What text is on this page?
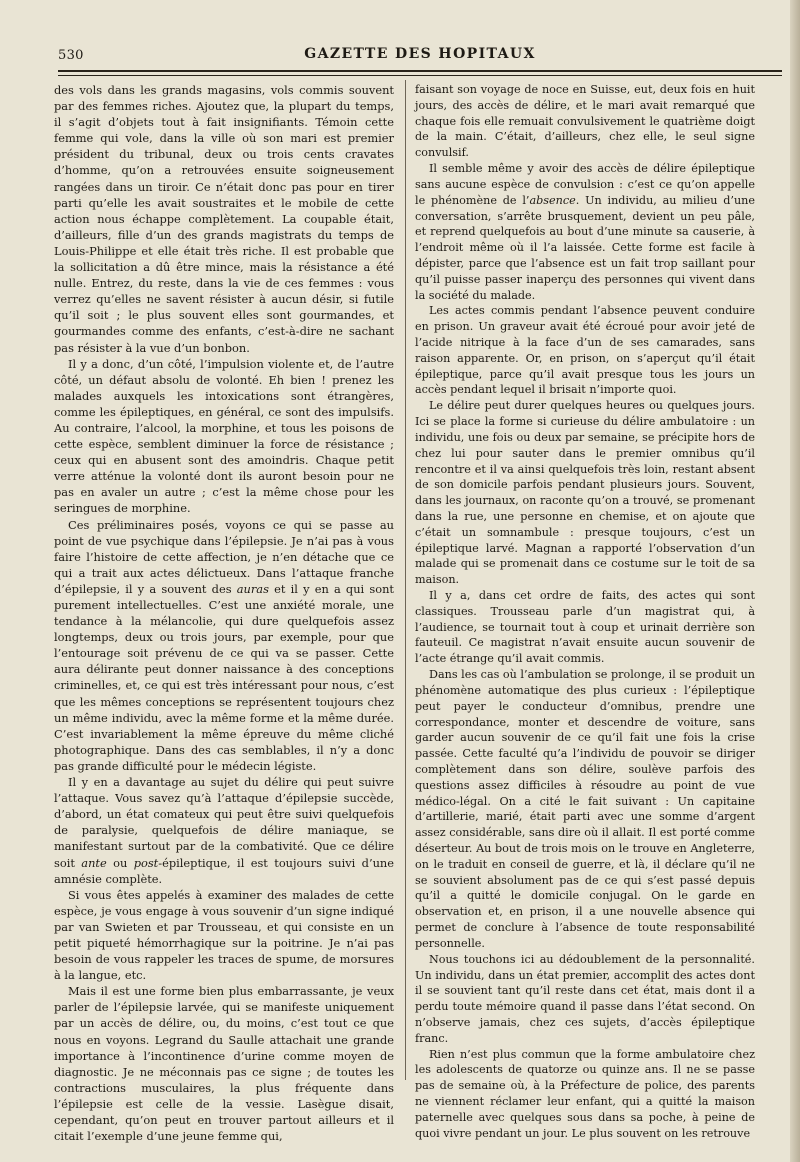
530	GAZETTE DES HOPITAUX

des vols dans les grands magasins, vols commis souvent par des femmes riches. Ajoutez que, la plupart du temps, il s’agit d’objets tout à fait insignifiants. Témoin cette femme qui vole, dans la ville où son mari est premier président du tribunal, deux ou trois cents cravates d’homme, qu’on a retrouvées ensuite soigneusement rangées dans un tiroir. Ce n’était donc pas pour en tirer parti qu’elle les avait soustraites et le mobile de cette action nous échappe complètement. La coupable était, d’ailleurs, fille d’un des grands magistrats du temps de Louis-Philippe et elle était très riche. Il est probable que la sollicitation a dû être mince, mais la résistance a été nulle. Entrez, du reste, dans la vie de ces femmes : vous verrez qu’elles ne savent résister à aucun désir, si futile qu’il soit ; le plus souvent elles sont gourmandes, et gourmandes comme des enfants, c’est-à-dire ne sachant pas résister à la vue d’un bonbon.

Il y a donc, d’un côté, l’impulsion violente et, de l’autre côté, un défaut absolu de volonté. Eh bien ! prenez les malades auxquels les intoxications sont étrangères, comme les épileptiques, en général, ce sont des impulsifs. Au contraire, l’alcool, la morphine, et tous les poisons de cette espèce, semblent diminuer la force de résistance ; ceux qui en abusent sont des amoindris. Chaque petit verre atténue la volonté dont ils auront besoin pour ne pas en avaler un autre ; c’est la même chose pour les seringues de morphine.

Ces préliminaires posés, voyons ce qui se passe au point de vue psychique dans l’épilepsie. Je n’ai pas à vous faire l’histoire de cette affection, je n’en détache que ce qui a trait aux actes délictueux. Dans l’attaque franche d’épilepsie, il y a souvent des auras et il y en a qui sont purement intellectuelles. C’est une anxiété morale, une tendance à la mélancolie, qui dure quelquefois assez longtemps, deux ou trois jours, par exemple, pour que l’entourage soit prévenu de ce qui va se passer. Cette aura délirante peut donner naissance à des conceptions criminelles, et, ce qui est très intéressant pour nous, c’est que les mêmes conceptions se représentent toujours chez un même individu, avec la même forme et la même durée. C’est invariablement la même épreuve du même cliché photographique. Dans des cas semblables, il n’y a donc pas grande difficulté pour le médecin légiste.

Il y en a davantage au sujet du délire qui peut suivre l’attaque. Vous savez qu’à l’attaque d’épilepsie succède, d’abord, un état comateux qui peut être suivi quelquefois de paralysie, quelquefois de délire maniaque, se manifestant surtout par de la combativité. Que ce délire soit ante ou post-épileptique, il est toujours suivi d’une amnésie complète.

Si vous êtes appelés à examiner des malades de cette espèce, je vous engage à vous souvenir d’un signe indiqué par van Swieten et par Trousseau, et qui consiste en un petit piqueté hémorrhagique sur la poitrine. Je n’ai pas besoin de vous rappeler les traces de spume, de morsures à la langue, etc.

Mais il est une forme bien plus embarrassante, je veux parler de l’épilepsie larvée, qui se manifeste uniquement par un accès de délire, ou, du moins, c’est tout ce que nous en voyons. Legrand du Saulle attachait une grande importance à l’incontinence d’urine comme moyen de diagnostic. Je ne méconnais pas ce signe ; de toutes les contractions musculaires, la plus fréquente dans l’épilepsie est celle de la vessie. Lasègue disait, cependant, qu’on peut en trouver partout ailleurs et il citait l’exemple d’une jeune femme qui,

faisant son voyage de noce en Suisse, eut, deux fois en huit jours, des accès de délire, et le mari avait remarqué que chaque fois elle remuait convulsivement le quatrième doigt de la main. C’était, d’ailleurs, chez elle, le seul signe convulsif.

Il semble même y avoir des accès de délire épileptique sans aucune espèce de convulsion : c’est ce qu’on appelle le phénomène de l’absence. Un individu, au milieu d’une conversation, s’arrête brusquement, devient un peu pâle, et reprend quelquefois au bout d’une minute sa causerie, à l’endroit même où il l’a laissée. Cette forme est facile à dépister, parce que l’absence est un fait trop saillant pour qu’il puisse passer inaperçu des personnes qui vivent dans la société du malade.

Les actes commis pendant l’absence peuvent conduire en prison. Un graveur avait été écroué pour avoir jeté de l’acide nitrique à la face d’un de ses camarades, sans raison apparente. Or, en prison, on s’aperçut qu’il était épileptique, parce qu’il avait presque tous les jours un accès pendant lequel il brisait n’importe quoi.

Le délire peut durer quelques heures ou quelques jours. Ici se place la forme si curieuse du délire ambulatoire : un individu, une fois ou deux par semaine, se précipite hors de chez lui pour sauter dans le premier omnibus qu’il rencontre et il va ainsi quelquefois très loin, restant absent de son domicile parfois pendant plusieurs jours. Souvent, dans les journaux, on raconte qu’on a trouvé, se promenant dans la rue, une personne en chemise, et on ajoute que c’était un somnambule : presque toujours, c’est un épileptique larvé. Magnan a rapporté l’observation d’un malade qui se promenait dans ce costume sur le toit de sa maison.

Il y a, dans cet ordre de faits, des actes qui sont classiques. Trousseau parle d’un magistrat qui, à l’audience, se tournait tout à coup et urinait derrière son fauteuil. Ce magistrat n’avait ensuite aucun souvenir de l’acte étrange qu’il avait commis.

Dans les cas où l’ambulation se prolonge, il se produit un phénomène automatique des plus curieux : l’épileptique peut payer le conducteur d’omnibus, prendre une correspondance, monter et descendre de voiture, sans garder aucun souvenir de ce qu’il fait une fois la crise passée. Cette faculté qu’a l’individu de pouvoir se diriger complètement dans son délire, soulève parfois des questions assez difficiles à résoudre au point de vue médico-légal. On a cité le fait suivant : Un capitaine d’artillerie, marié, était parti avec une somme d’argent assez considérable, sans dire où il allait. Il est porté comme déserteur. Au bout de trois mois on le trouve en Angleterre, on le traduit en conseil de guerre, et là, il déclare qu’il ne se souvient absolument pas de ce qui s’est passé depuis qu’il a quitté le domicile conjugal. On le garde en observation et, en prison, il a une nouvelle absence qui permet de conclure à l’absence de toute responsabilité personnelle.

Nous touchons ici au dédoublement de la personnalité. Un individu, dans un état premier, accomplit des actes dont il se souvient tant qu’il reste dans cet état, mais dont il a perdu toute mémoire quand il passe dans l’état second. On n’observe jamais, chez ces sujets, d’accès épileptique franc.

Rien n’est plus commun que la forme ambulatoire chez les adolescents de quatorze ou quinze ans. Il ne se passe pas de semaine où, à la Préfecture de police, des parents ne viennent réclamer leur enfant, qui a quitté la maison paternelle avec quelques sous dans sa poche, à peine de quoi vivre pendant un jour. Le plus souvent on les retrouve
